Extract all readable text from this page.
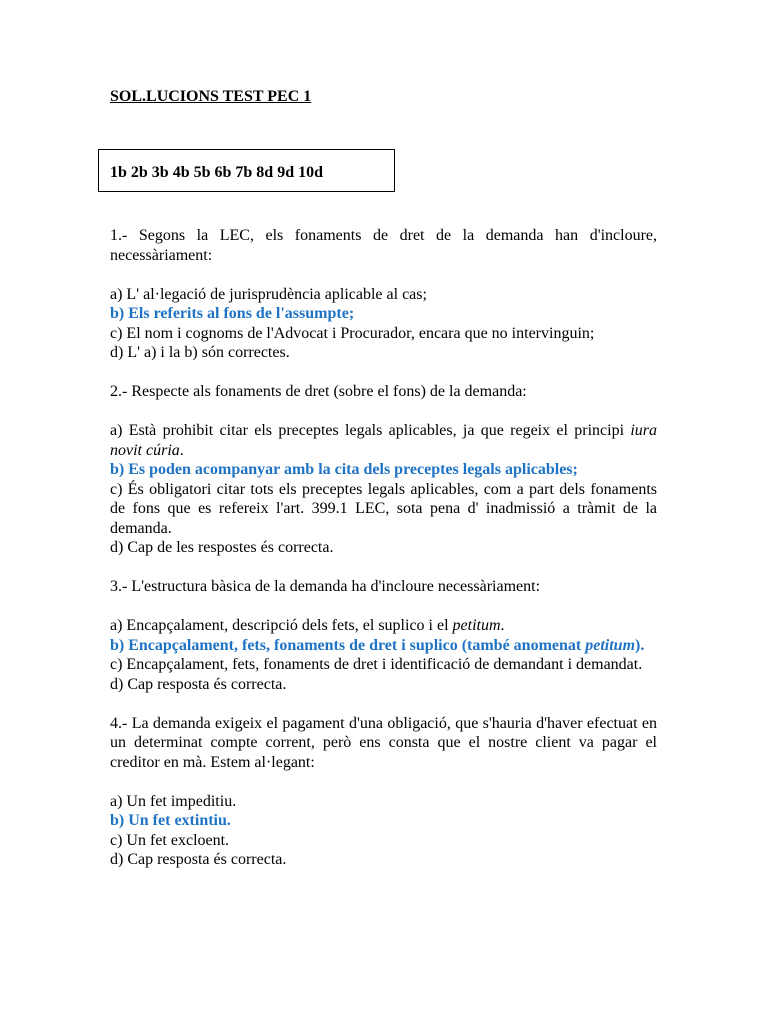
SOL.LUCIONS TEST PEC 1
1b 2b 3b 4b 5b 6b 7b 8d 9d 10d

1.- Segons la LEC, els fonaments de dret de la demanda han d'incloure, necessàriament:

a) L' al·legació de jurisprudència aplicable al cas;

b) Els referits al fons de l'assumpte;

c) El nom i cognoms de l'Advocat i Procurador, encara que no intervinguin;

d) L' a) i la b) són correctes.

2.- Respecte als fonaments de dret (sobre el fons) de la demanda:

a) Està prohibit citar els preceptes legals aplicables, ja que regeix el principi iura novit cúria.

b) Es poden acompanyar amb la cita dels preceptes legals aplicables;

c) És obligatori citar tots els preceptes legals aplicables, com a part dels fonaments de fons que es refereix l'art. 399.1 LEC, sota pena d' inadmissió a tràmit de la demanda.

d) Cap de les respostes és correcta.

3.- L'estructura bàsica de la demanda ha d'incloure necessàriament:

a) Encapçalament, descripció dels fets, el suplico i el petitum.

b) Encapçalament, fets, fonaments de dret i suplico (també anomenat petitum).

c) Encapçalament, fets, fonaments de dret i identificació de demandant i demandat.

d) Cap resposta és correcta.

4.- La demanda exigeix el pagament d'una obligació, que s'hauria d'haver efectuat en un determinat compte corrent, però ens consta que el nostre client va pagar el creditor en mà. Estem al·legant:

a) Un fet impeditiu.

b) Un fet extintiu.

c) Un fet excloent.

d) Cap resposta és correcta.
